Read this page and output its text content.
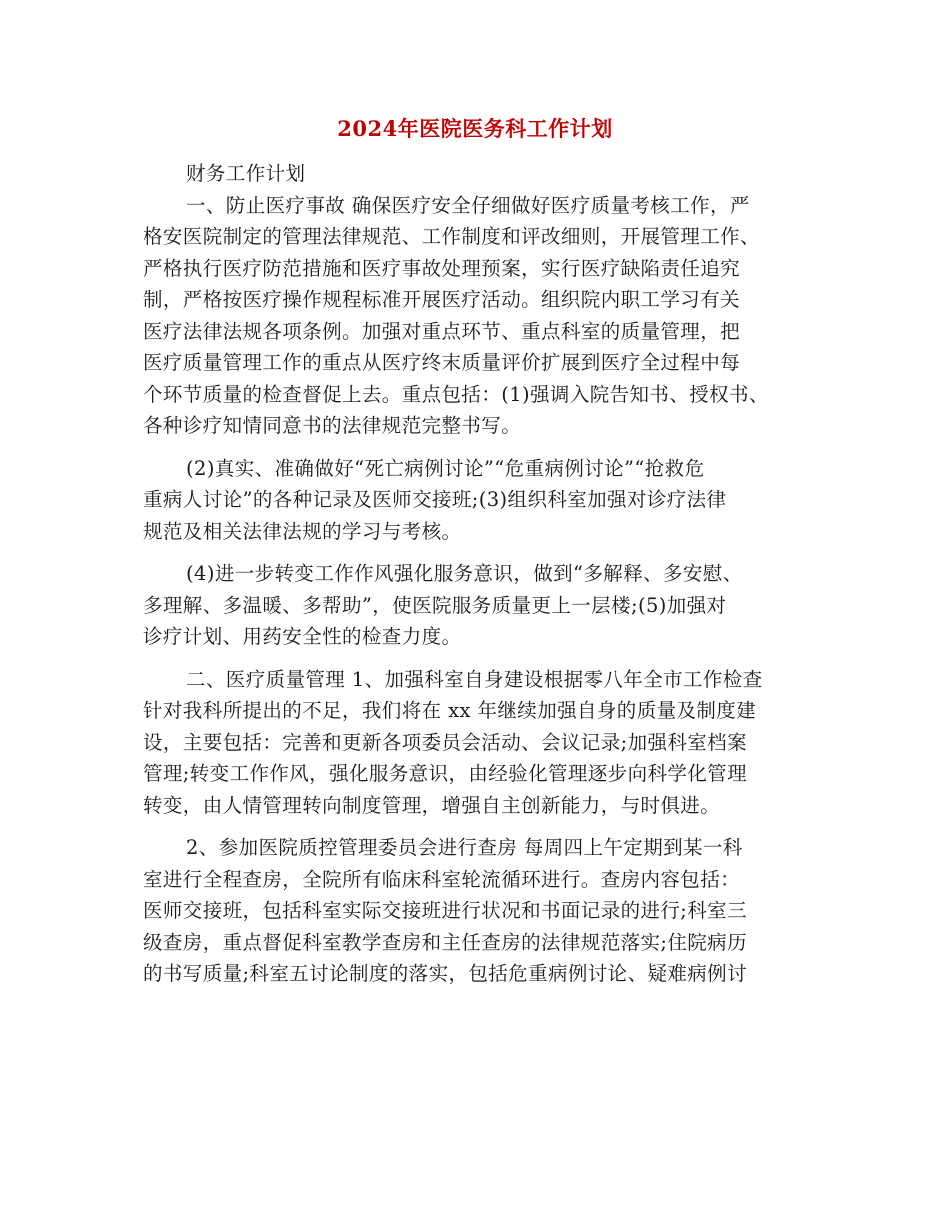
2024年医院医务科工作计划
财务工作计划
一、防止医疗事故 确保医疗安全仔细做好医疗质量考核工作，严
格安医院制定的管理法律规范、工作制度和评改细则，开展管理工作、
严格执行医疗防范措施和医疗事故处理预案，实行医疗缺陷责任追究
制，严格按医疗操作规程标准开展医疗活动。组织院内职工学习有关
医疗法律法规各项条例。加强对重点环节、重点科室的质量管理，把
医疗质量管理工作的重点从医疗终末质量评价扩展到医疗全过程中每
个环节质量的检查督促上去。重点包括：(1)强调入院告知书、授权书、
各种诊疗知情同意书的法律规范完整书写。
(2)真实、准确做好“死亡病例讨论”“危重病例讨论”“抢救危
重病人讨论”的各种记录及医师交接班;(3)组织科室加强对诊疗法律
规范及相关法律法规的学习与考核。
(4)进一步转变工作作风强化服务意识，做到“多解释、多安慰、
多理解、多温暖、多帮助”，使医院服务质量更上一层楼;(5)加强对
诊疗计划、用药安全性的检查力度。
二、医疗质量管理 1、加强科室自身建设根据零八年全市工作检查
针对我科所提出的不足，我们将在 xx 年继续加强自身的质量及制度建
设，主要包括：完善和更新各项委员会活动、会议记录;加强科室档案
管理;转变工作作风，强化服务意识，由经验化管理逐步向科学化管理
转变，由人情管理转向制度管理，增强自主创新能力，与时俱进。
2、参加医院质控管理委员会进行查房 每周四上午定期到某一科
室进行全程查房，全院所有临床科室轮流循环进行。查房内容包括：
医师交接班，包括科室实际交接班进行状况和书面记录的进行;科室三
级查房，重点督促科室教学查房和主任查房的法律规范落实;住院病历
的书写质量;科室五讨论制度的落实，包括危重病例讨论、疑难病例讨
